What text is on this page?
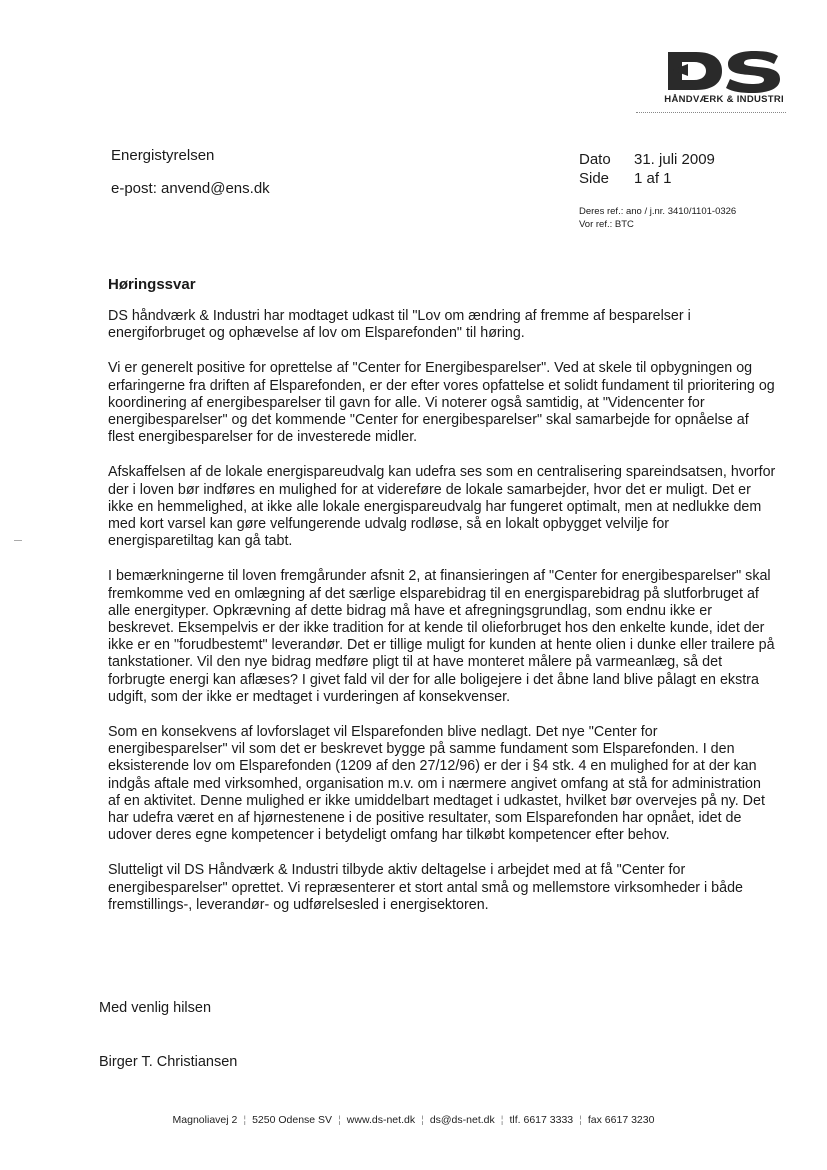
HÅNDVÆRK & INDUSTRI

Energistyrelsen

e-post: anvend@ens.dk

Dato 31. juli 2009
Side 1 af 1
Deres ref.: ano / j.nr. 3410/1101-0326
Vor ref.: BTC
Høringssvar

DS håndværk & Industri har modtaget udkast til "Lov om ændring af fremme af besparelser i energiforbruget og ophævelse af lov om Elsparefonden" til høring.

Vi er generelt positive for oprettelse af "Center for Energibesparelser". Ved at skele til opbygningen og erfaringerne fra driften af Elsparefonden, er der efter vores opfattelse et solidt fundament til prioritering og koordinering af energibesparelser til gavn for alle. Vi noterer også samtidig, at "Videncenter for energibesparelser" og det kommende "Center for energibesparelser" skal samarbejde for opnåelse af flest energibesparelser for de investerede midler.

Afskaffelsen af de lokale energispareudvalg kan udefra ses som en centralisering spareindsatsen, hvorfor der i loven bør indføres en mulighed for at videreføre de lokale samarbejder, hvor det er muligt. Det er ikke en hemmelighed, at ikke alle lokale energispareudvalg har fungeret optimalt, men at nedlukke dem med kort varsel kan gøre velfungerende udvalg rodløse, så en lokalt opbygget velvilje for energisparetiltag kan gå tabt.

I bemærkningerne til loven fremgårunder afsnit 2, at finansieringen af "Center for energibesparelser" skal fremkomme ved en omlægning af det særlige elsparebidrag til en energisparebidrag på slutforbruget af alle energityper. Opkrævning af dette bidrag må have et afregningsgrundlag, som endnu ikke er beskrevet. Eksempelvis er der ikke tradition for at kende til olieforbruget hos den enkelte kunde, idet der ikke er en "forudbestemt" leverandør. Det er tillige muligt for kunden at hente olien i dunke eller trailere på tankstationer. Vil den nye bidrag medføre pligt til at have monteret målere på varmeanlæg, så det forbrugte energi kan aflæses? I givet fald vil der for alle boligejere i det åbne land blive pålagt en ekstra udgift, som der ikke er medtaget i vurderingen af konsekvenser.

Som en konsekvens af lovforslaget vil Elsparefonden blive nedlagt. Det nye "Center for energibesparelser" vil som det er beskrevet bygge på samme fundament som Elsparefonden. I den eksisterende lov om Elsparefonden (1209 af den 27/12/96) er der i §4 stk. 4 en mulighed for at der kan indgås aftale med virksomhed, organisation m.v. om i nærmere angivet omfang at stå for administration af en aktivitet. Denne mulighed er ikke umiddelbart medtaget i udkastet, hvilket bør overvejes på ny. Det har udefra været en af hjørnestenene i de positive resultater, som Elsparefonden har opnået, idet de udover deres egne kompetencer i betydeligt omfang har tilkøbt kompetencer efter behov.

Slutteligt vil DS Håndværk & Industri tilbyde aktiv deltagelse i arbejdet med at få "Center for energibesparelser" oprettet. Vi repræsenterer et stort antal små og mellemstore virksomheder i både fremstillings-, leverandør- og udførelsesled i energisektoren.

Med venlig hilsen
Birger T. Christiansen
Magnoliavej 2 ¦ 5250 Odense SV ¦ www.ds-net.dk ¦ ds@ds-net.dk ¦ tlf. 6617 3333 ¦ fax 6617 3230
